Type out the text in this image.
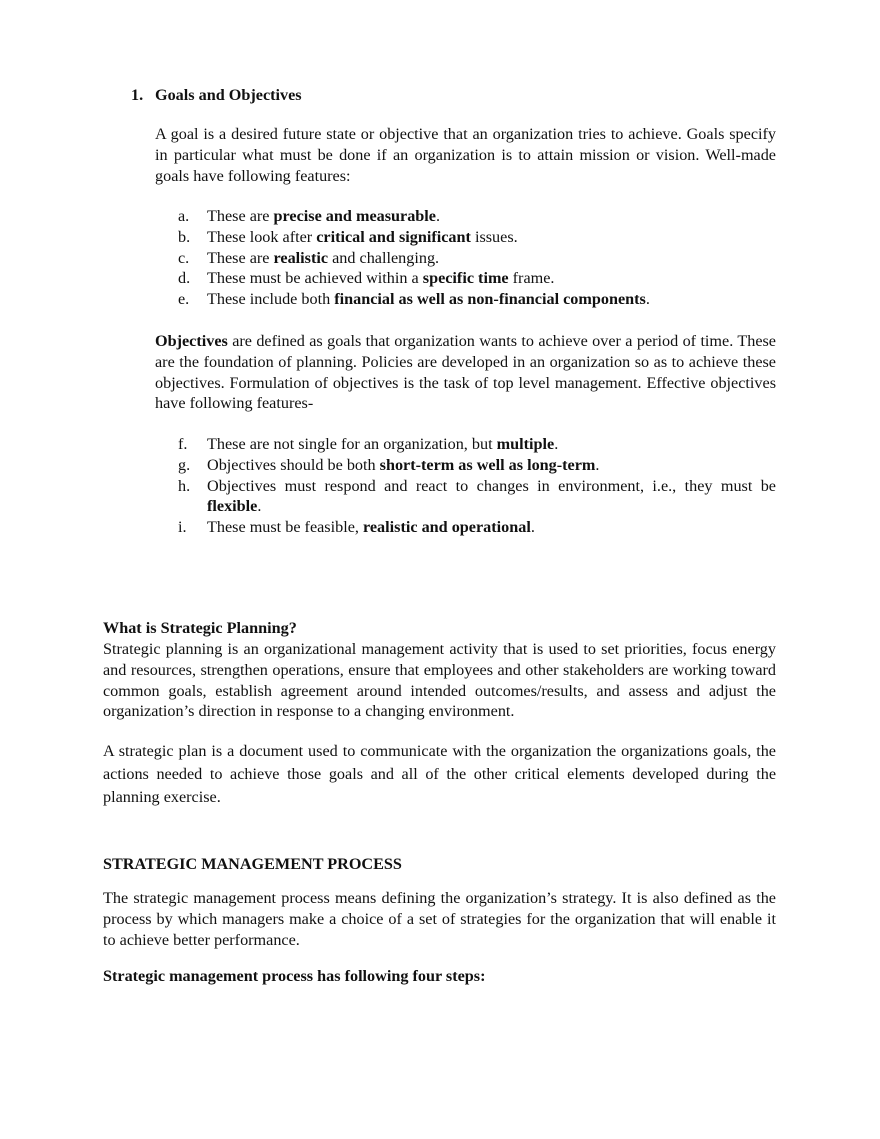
1. Goals and Objectives
A goal is a desired future state or objective that an organization tries to achieve. Goals specify in particular what must be done if an organization is to attain mission or vision. Well-made goals have following features:
a. These are precise and measurable.
b. These look after critical and significant issues.
c. These are realistic and challenging.
d. These must be achieved within a specific time frame.
e. These include both financial as well as non-financial components.
Objectives are defined as goals that organization wants to achieve over a period of time. These are the foundation of planning. Policies are developed in an organization so as to achieve these objectives. Formulation of objectives is the task of top level management. Effective objectives have following features-
f. These are not single for an organization, but multiple.
g. Objectives should be both short-term as well as long-term.
h. Objectives must respond and react to changes in environment, i.e., they must be flexible.
i. These must be feasible, realistic and operational.
What is Strategic Planning?
Strategic planning is an organizational management activity that is used to set priorities, focus energy and resources, strengthen operations, ensure that employees and other stakeholders are working toward common goals, establish agreement around intended outcomes/results, and assess and adjust the organization’s direction in response to a changing environment.
A strategic plan is a document used to communicate with the organization the organizations goals, the actions needed to achieve those goals and all of the other critical elements developed during the planning exercise.
STRATEGIC MANAGEMENT PROCESS
The strategic management process means defining the organization’s strategy. It is also defined as the process by which managers make a choice of a set of strategies for the organization that will enable it to achieve better performance.
Strategic management process has following four steps:
